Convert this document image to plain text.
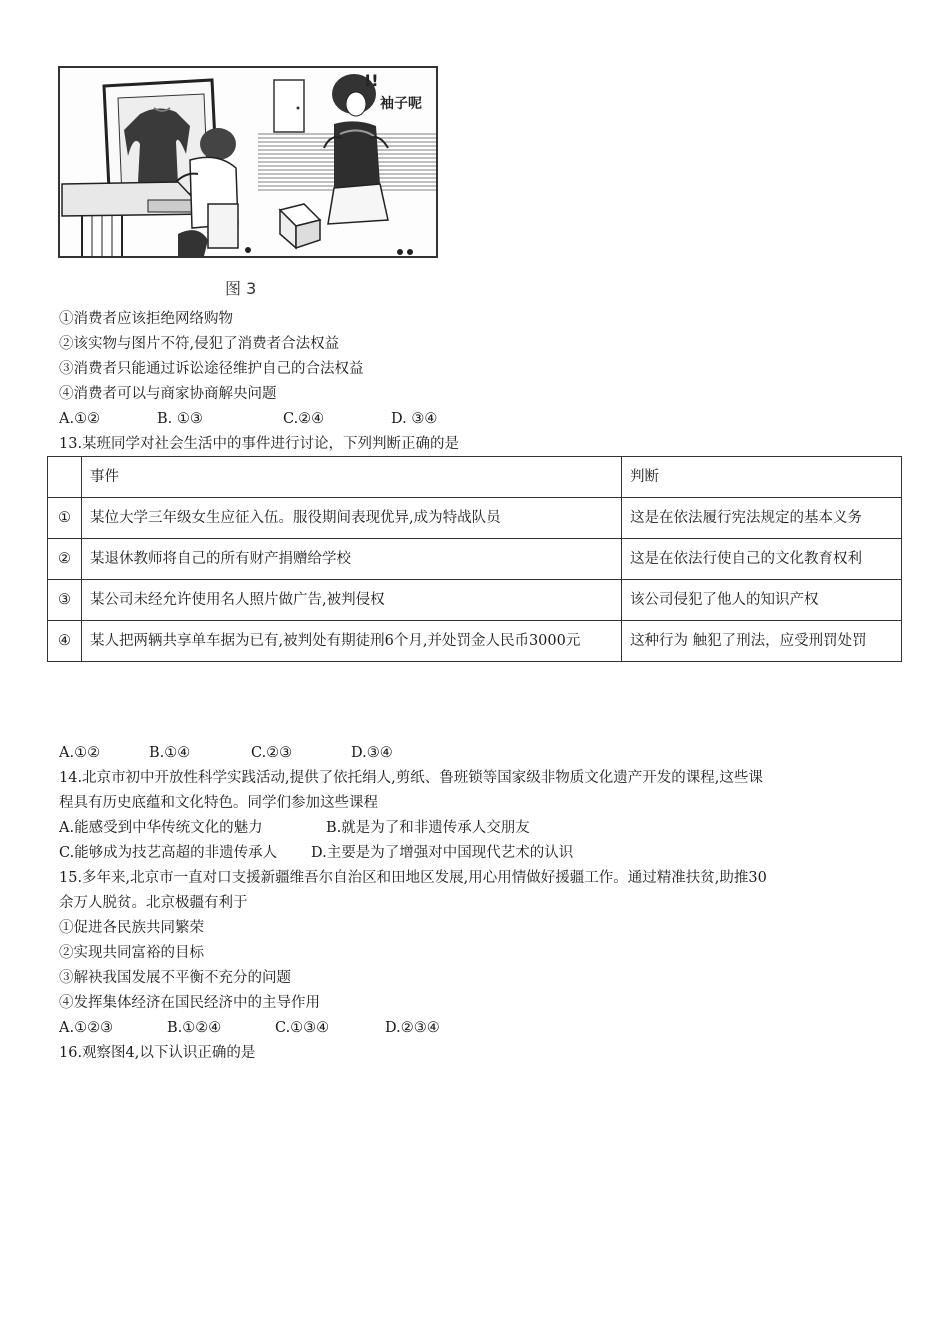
!!
袖子呢
图 3
①消费者应该拒绝网络购物
②该实物与图片不符,侵犯了消费者合法权益
③消费者只能通过诉讼途径维护自己的合法权益
④消费者可以与商家协商解央问题
A.①②	B. ①③	C.②④	D. ③④
13.某班同学对社会生活中的事件进行讨论，下列判断正确的是
	事件	判断
①	某位大学三年级女生应征入伍。服役期间表现优异,成为特战队员	这是在依法履行宪法规定的基本义务
②	某退休教师将自己的所有财产捐赠给学校	这是在依法行使自己的文化教育权利
③	某公司未经允许使用名人照片做广告,被判侵权	该公司侵犯了他人的知识产权
④	某人把两辆共享单车据为已有,被判处有期徒刑6个月,并处罚金人民币3000元	这种行为 触犯了刑法，应受刑罚处罚
A.①②	B.①④	C.②③	D.③④
14.北京市初中开放性科学实践活动,提供了依托绢人,剪纸、鲁班锁等国家级非物质文化遗产开发的课程,这些课
程具有历史底蕴和文化特色。同学们参加这些课程
A.能感受到中华传统文化的魅力	B.就是为了和非遗传承人交朋友
C.能够成为技艺高超的非遗传承人 D.主要是为了增强对中国现代艺术的认识
15.多年来,北京市一直对口支援新疆维吾尔自治区和田地区发展,用心用情做好援疆工作。通过精准扶贫,助推30
余万人脱贫。北京极疆有利于
①促进各民族共同繁荣
②实现共同富裕的目标
③解袂我国发展不平衡不充分的问题
④发挥集体经济在国民经济中的主导作用
A.①②③	B.①②④	C.①③④	D.②③④
16.观察图4,以下认识正确的是
